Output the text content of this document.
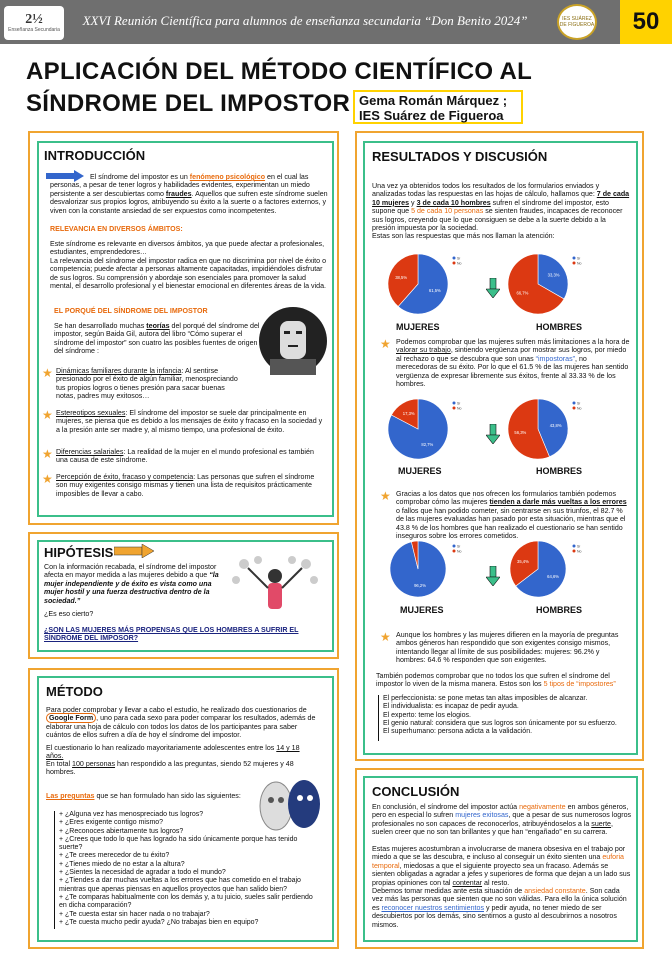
2½
Enseñanza Secundaria
XXVI Reunión Científica para alumnos de enseñanza secundaria “Don Benito 2024”	IES SUÁREZ DE FIGUEROA	50
APLICACIÓN DEL MÉTODO CIENTÍFICO AL
SÍNDROME DEL IMPOSTOR Gema Román Márquez ;
IES Suárez de Figueroa
INTRODUCCIÓN
El síndrome del impostor es un fenómeno psicológico en el cual las personas, a pesar de tener logros y habilidades evidentes, experimentan un miedo persistente a ser descubiertas como fraudes. Aquellos que sufren este síndrome suelen desvalorizar sus propios logros, atribuyendo su éxito a la suerte o a factores externos, y viven con la constante ansiedad de ser expuestos como incompetentes.
RELEVANCIA EN DIVERSOS ÁMBITOS:
Este síndrome es relevante en diversos ámbitos, ya que puede afectar a profesionales, estudiantes, emprendedores…
La relevancia del síndrome del impostor radica en que no discrimina por nivel de éxito o competencia; puede afectar a personas altamente capacitadas, impidiéndoles disfrutar de sus logros. Su comprensión y abordaje son esenciales para promover la salud mental, el desarrollo profesional y el bienestar emocional en diferentes áreas de la vida.
EL PORQUÉ DEL SÍNDROME DEL IMPOSTOR
Se han desarrollado muchas teorías del porqué del síndrome del impostor, según Baida Gil, autora del libro “Cómo superar el síndrome del impostor” son cuatro las posibles fuentes de origen del síndrome :
★ Dinámicas familiares durante la infancia: Al sentirse presionado por el éxito de algún familiar, menospreciando tus propios logros o tienes presión para sacar buenas notas, padres muy exitosos…
★ Estereotipos sexuales: El síndrome del impostor se suele dar principalmente en mujeres, se piensa que es debido a los mensajes de éxito y fracaso en la sociedad y a la presión ante ser madre y, al mismo tiempo, una profesional de éxito.
★ Diferencias salariales: La realidad de la mujer en el mundo profesional es también una causa de este síndrome.
★ Percepción de éxito, fracaso y competencia: Las personas que sufren el síndrome son muy exigentes consigo mismas y tienen una lista de requisitos prácticamente imposibles de llevar a cabo.
HIPÓTESIS
Con la información recabada, el síndrome del impostor afecta en mayor medida a las mujeres debido a que “la mujer independiente y de éxito es vista como una mujer hostil y una fuerza destructiva dentro de la sociedad.”
¿Es eso cierto?
¿SON LAS MUJERES MÁS PROPENSAS QUE LOS HOMBRES A SUFRIR EL SÍNDROME DEL IMPOSOR?
MÉTODO
Para poder comprobar y llevar a cabo el estudio, he realizado dos cuestionarios de Google Form , uno para cada sexo para poder comparar los resultados, además de elaborar una hoja de cálculo con todos los datos de los participantes para saber cuántos de ellos sufren a día de hoy el síndrome del impostor.
El cuestionario lo han realizado mayoritariamente adolescentes entre los 14 y 18 años.
En total 100 personas han respondido a las preguntas, siendo 52 mujeres y 48 hombres.
Las preguntas que se han formulado han sido las siguientes:
+ ¿Alguna vez has menospreciado tus logros?
+ ¿Eres exigente contigo mismo?
+ ¿Reconoces abiertamente tus logros?
+ ¿Crees que todo lo que has logrado ha sido únicamente porque has tenido suerte?
+ ¿Te crees merecedor de tu éxito?
+ ¿Tienes miedo de no estar a la altura?
+ ¿Sientes la necesidad de agradar a todo el mundo?
+ ¿Tiendes a dar muchas vueltas a los errores que has cometido en el trabajo mientras que apenas piensas en aquellos proyectos que han salido bien?
+ ¿Te comparas habitualmente con los demás y, a tu juicio, sueles salir perdiendo en dicha comparación?
+ ¿Te cuesta estar sin hacer nada o no trabajar?
+ ¿Te cuesta mucho pedir ayuda? ¿No trabajas bien en equipo?
RESULTADOS Y DISCUSIÓN
Una vez ya obtenidos todos los resultados de los formularios enviados y analizadas todas las respuestas en las hojas de cálculo, hallamos que: 7 de cada 10 mujeres y 3 de cada 10 hombres sufren el síndrome del impostor, esto supone que 5 de cada 10 personas se sienten fraudes, incapaces de reconocer sus logros, creyendo que lo que consiguen se debe a la suerte debido a la presión impuesta por la sociedad.
Estas son las respuestas que más nos llaman la atención:
61,5%
38,5%
Sí
No
33,3%
66,7%
Sí
No
MUJERES	HOMBRES
★ Podemos comprobar que las mujeres sufren más limitaciones a la hora de valorar su trabajo, sintiendo vergüenza por mostrar sus logros, por miedo al rechazo o que se descubra que son unas “impostoras”, no merecedoras de su éxito. Por lo que el 61.5 % de las mujeres han sentido vergüenza de expresar libremente sus éxitos, frente al 33.33 % de los hombres.
82,7%
17,3%
Sí
No
43,8%
56,3%
Sí
No
MUJERES	HOMBRES
★ Gracias a los datos que nos ofrecen los formularios también podemos comprobar cómo las mujeres tienden a darle más vueltas a los errores o fallos que han podido cometer, sin centrarse en sus triunfos, el 82.7 % de las mujeres evaluadas han pasado por esta situación, mientras que el 43.8 % de los hombres que han realizado el cuestionario se han sentido inseguros sobre los errores cometidos.
96,2%
Sí
No
64,6%
35,4%
Sí
No
MUJERES	HOMBRES
★ Aunque los hombres y las mujeres difieren en la mayoría de preguntas ambos géneros han respondido que son exigentes consigo mismos, intentando llegar al límite de sus posibilidades: mujeres: 96.2% y hombres: 64.6 % responden que son exigentes.
También podemos comprobar que no todos los que sufren el síndrome del impostor lo viven de la misma manera. Estos son los 5 tipos de “impostores”
El perfeccionista: se pone metas tan altas imposibles de alcanzar.
El individualista: es incapaz de pedir ayuda.
El experto: teme los elogios.
El genio natural: considera que sus logros son únicamente por su esfuerzo.
El superhumano: persona adicta a la validación.
CONCLUSIÓN
En conclusión, el síndrome del impostor actúa negativamente en ambos géneros, pero en especial lo sufren mujeres exitosas, que a pesar de sus numerosos logros profesionales no son capaces de reconocerlos, atribuyéndoselos a la suerte, suelen creer que no son tan brillantes y que han “engañado” en su carrera.
Estas mujeres acostumbran a involucrarse de manera obsesiva en el trabajo por miedo a que se las descubra, e incluso al conseguir un éxito sienten una euforia temporal, miedosas a que el siguiente proyecto sea un fracaso. Además se sienten obligadas a agradar a jefes y superiores de forma que dejan a un lado sus propias opiniones con tal contentar al resto.
Debemos tomar medidas ante esta situación de ansiedad constante. Son cada vez más las personas que sienten que no son válidas. Para ello la única solución es reconocer nuestros sentimientos y pedir ayuda, no tener miedo de ser descubiertos por los demás, sino sentirnos a gusto al descubrirnos a nosotros mismos.
